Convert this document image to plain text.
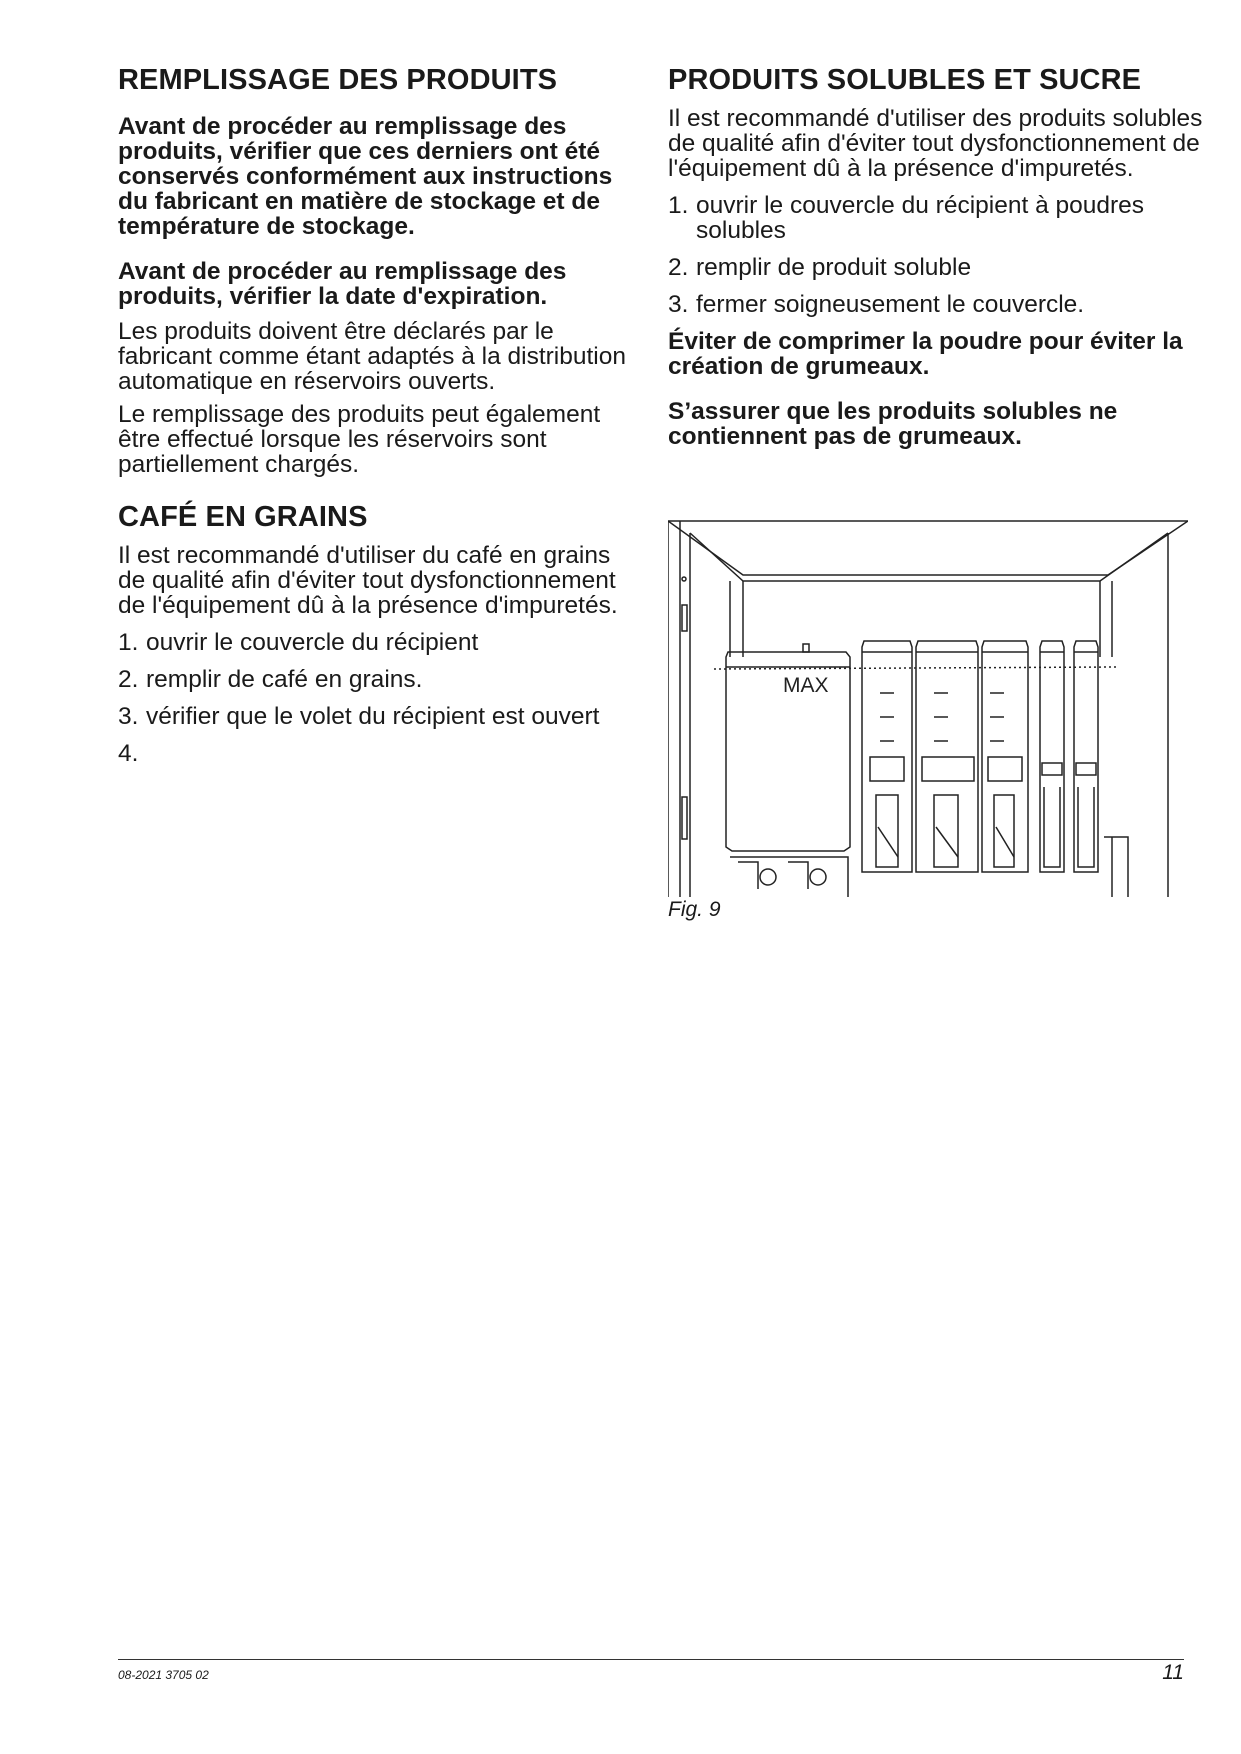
REMPLISSAGE DES PRODUITS

Avant de procéder au remplissage des produits, vérifier que ces derniers ont été conservés conformément aux instructions du fabricant en matière de stockage et de température de stockage.

Avant de procéder au remplissage des produits, vérifier la date d'expiration.

Les produits doivent être déclarés par le fabricant comme étant adaptés à la distribution automatique en réservoirs ouverts.

Le remplissage des produits peut également être effectué lorsque les réservoirs sont partiellement chargés.

CAFÉ EN GRAINS

Il est recommandé d'utiliser du café en grains de qualité afin d'éviter tout dysfonctionnement de l'équipement dû à la présence d'impuretés.

1. ouvrir le couvercle du récipient
2. remplir de café en grains.
3. vérifier que le volet du récipient est ouvert
4.
PRODUITS SOLUBLES ET SUCRE

Il est recommandé d'utiliser des produits solubles de qualité afin d'éviter tout dysfonctionnement de l'équipement dû à la présence d'impuretés.

1. ouvrir le couvercle du récipient à poudres solubles
2. remplir de produit soluble
3. fermer soigneusement le couvercle.

Éviter de comprimer la poudre pour éviter la création de grumeaux.

S’assurer que les produits solubles ne contiennent pas de grumeaux.

MAX
Fig. 9
08-2021 3705 02	11
